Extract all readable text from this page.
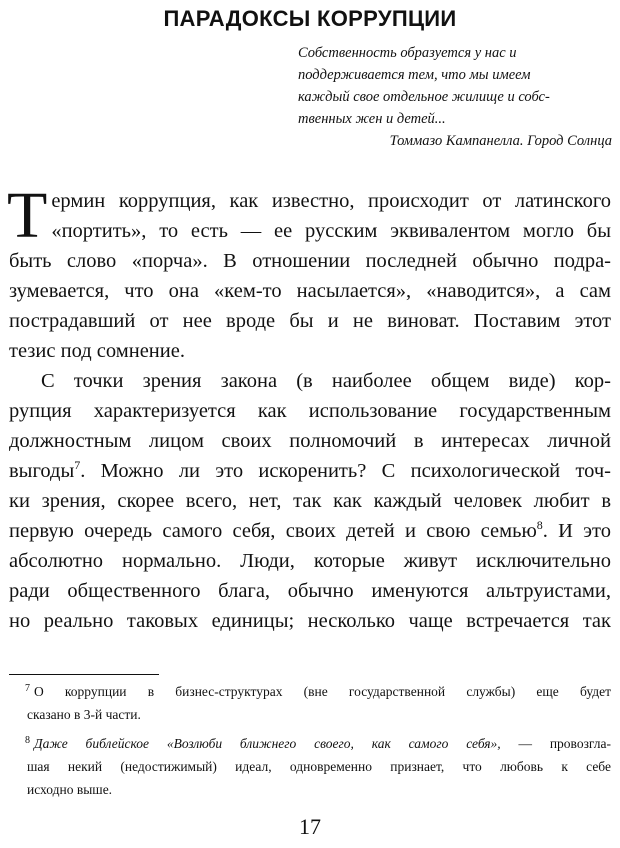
ПАРАДОКСЫ КОРРУПЦИИ
Собственность образуется у нас и
поддерживается тем, что мы имеем
каждый свое отдельное жилище и собс-
твенных жен и детей...
Томмазо Кампанелла. Город Солнца
Т ермин коррупция, как известно, происходит от латинского
«портить», то есть — ее русским эквивалентом могло бы
быть слово «порча». В отношении последней обычно подра-
зумевается, что она «кем-то насылается», «наводится», а сам
пострадавший от нее вроде бы и не виноват. Поставим этот
тезис под сомнение.
С точки зрения закона (в наиболее общем виде) кор-
рупция характеризуется как использование государственным
должностным лицом своих полномочий в интересах личной
выгоды$^7$. Можно ли это искоренить? С психологической точ-
ки зрения, скорее всего, нет, так как каждый человек любит в
первую очередь самого себя, своих детей и свою семью$^8$. И это
абсолютно нормально. Люди, которые живут исключительно
ради общественного блага, обычно именуются альтруистами,
но реально таковых единицы; несколько чаще встречается так
$^7$ О коррупции в бизнес-структурах (вне государственной службы) еще будет
сказано в 3-й части.
$^8$ Даже библейское «Возлюби ближнего своего, как самого себя», — провозгла-
шая некий (недостижимый) идеал, одновременно признает, что любовь к себе
исходно выше.
17
